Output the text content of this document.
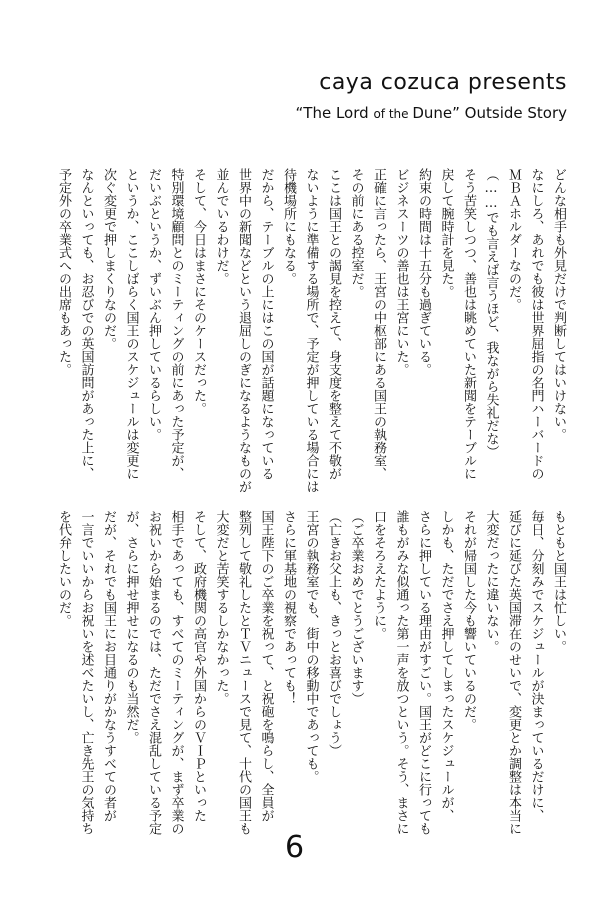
caya cozuca presents
“The Lord of the Dune” Outside Story
どんな相手も外見だけで判断してはいけない。
なにしろ、あれでも彼は世界屈指の名門ハーバードの
ＭＢＡホルダーなのだ。
（……でも言えば言うほど、我ながら失礼だな）
そう苦笑しつつ、善也は眺めていた新聞をテーブルに
戻して腕時計を見た。
約束の時間は十五分も過ぎている。
ビジネスーツの善也は王宮にいた。
正確に言ったら、王宮の中枢部にある国王の執務室、
その前にある控室だ。
ここは国王との謁見を控えて、身支度を整えて不敬が
ないように準備する場所で、予定が押している場合には
待機場所にもなる。
だから、テーブルの上にはこの国が話題になっている
世界中の新聞などという退屈しのぎになるようなものが
並んでいるわけだ。
そして、今日はまさにそのケースだった。
特別環境顧問とのミーティングの前にあった予定が、
だいぶというか、ずいぶん押しているらしい。
というか、ここしばらく国王のスケジュールは変更に
次ぐ変更で押しまくりなのだ。
なんといっても、お忍びでの英国訪問があった上に、
予定外の卒業式への出席もあった。
もともと国王は忙しい。
毎日、分刻みでスケジュールが決まっているだけに、
延びに延びた英国滞在のせいで、変更とか調整は本当に
大変だったに違いない。
それが帰国した今も響いているのだ。
しかも、ただでさえ押してしまったスケジュールが、
さらに押している理由がすごい。国王がどこに行っても
誰もがみな似通った第一声を放つという。そう、まさに
口をそろえたように。
（ご卒業おめでとうございます）
（亡きお父上も、きっとお喜びでしょう）
王宮の執務室でも、街中の移動中であっても。
さらに軍基地の視察であっても！
国王陛下のご卒業を祝って、と祝砲を鳴らし、全員が
整列して敬礼したとＴＶニュースで見て、十代の国王も
大変だと苦笑するしかなかった。
そして、政府機関の高官や外国からのＶＩＰといった
相手であっても、すべてのミーティングが、まず卒業の
お祝いから始まるのでは、ただでさえ混乱している予定
が、さらに押せ押せになるのも当然だ。
だが、それでも国王にお目通りがかなうすべての者が
一言でいいからお祝いを述べたいし、亡き先王の気持ち
を代弁したいのだ。
6
